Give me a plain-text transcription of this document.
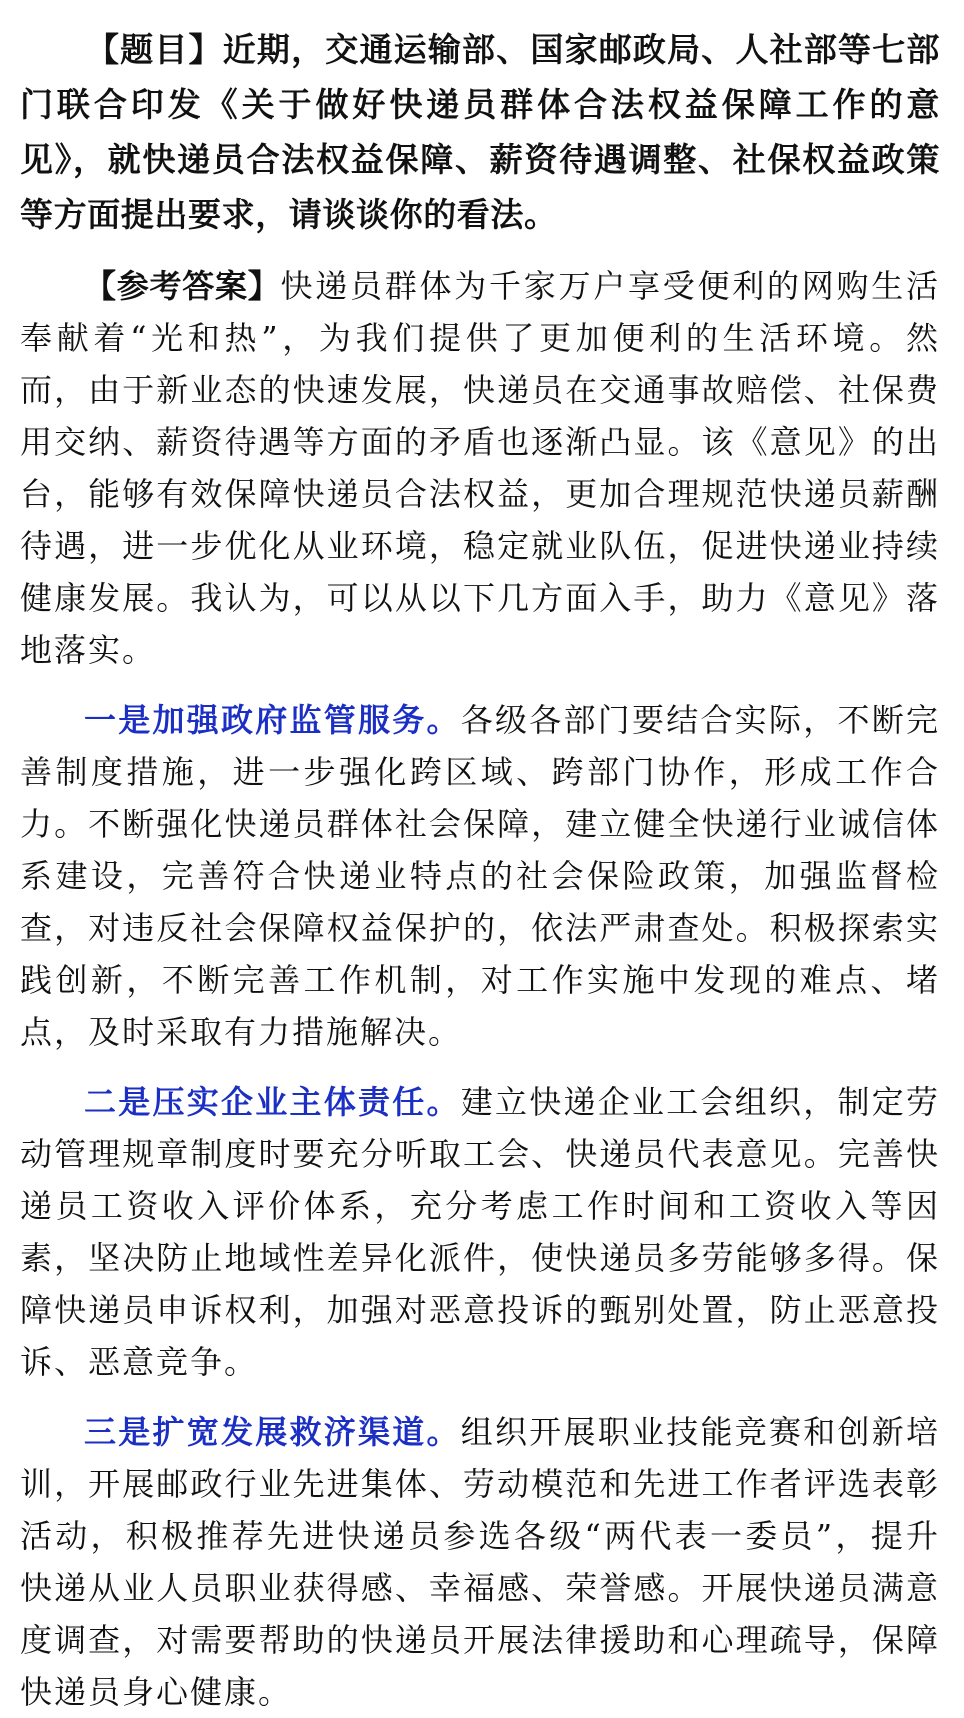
【题目】近期，交通运输部、国家邮政局、人社部等七部门联合印发《关于做好快递员群体合法权益保障工作的意见》，就快递员合法权益保障、薪资待遇调整、社保权益政策等方面提出要求，请谈谈你的看法。

【参考答案】快递员群体为千家万户享受便利的网购生活奉献着“光和热”，为我们提供了更加便利的生活环境。然而，由于新业态的快速发展，快递员在交通事故赔偿、社保费用交纳、薪资待遇等方面的矛盾也逐渐凸显。该《意见》的出台，能够有效保障快递员合法权益，更加合理规范快递员薪酬待遇，进一步优化从业环境，稳定就业队伍，促进快递业持续健康发展。我认为，可以从以下几方面入手，助力《意见》落地落实。

一是加强政府监管服务。各级各部门要结合实际，不断完善制度措施，进一步强化跨区域、跨部门协作，形成工作合力。不断强化快递员群体社会保障，建立健全快递行业诚信体系建设，完善符合快递业特点的社会保险政策，加强监督检查，对违反社会保障权益保护的，依法严肃查处。积极探索实践创新，不断完善工作机制，对工作实施中发现的难点、堵点，及时采取有力措施解决。

二是压实企业主体责任。建立快递企业工会组织，制定劳动管理规章制度时要充分听取工会、快递员代表意见。完善快递员工资收入评价体系，充分考虑工作时间和工资收入等因素，坚决防止地域性差异化派件，使快递员多劳能够多得。保障快递员申诉权利，加强对恶意投诉的甄别处置，防止恶意投诉、恶意竞争。

三是扩宽发展救济渠道。组织开展职业技能竞赛和创新培训，开展邮政行业先进集体、劳动模范和先进工作者评选表彰活动，积极推荐先进快递员参选各级“两代表一委员”，提升快递从业人员职业获得感、幸福感、荣誉感。开展快递员满意度调查，对需要帮助的快递员开展法律援助和心理疏导，保障快递员身心健康。
